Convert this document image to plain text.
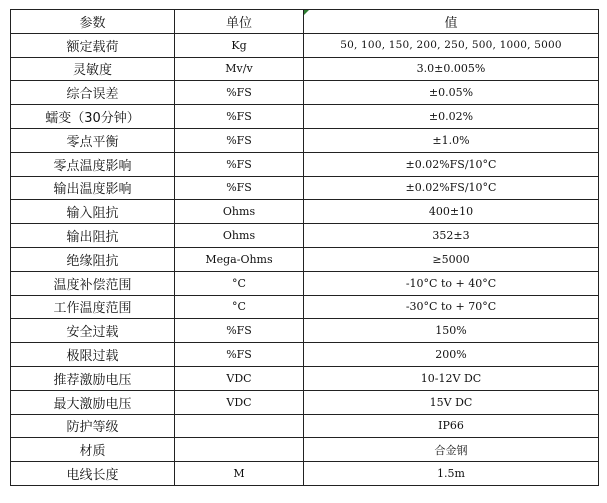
参数	单位	值
额定载荷	Kg	50, 100, 150, 200, 250, 500, 1000, 5000
灵敏度	Mv/v	3.0±0.005%
综合误差	%FS	±0.05%
蠕变（30分钟）	%FS	±0.02%
零点平衡	%FS	±1.0%
零点温度影响	%FS	±0.02%FS/10°C
输出温度影响	%FS	±0.02%FS/10°C
输入阻抗	Ohms	400±10
输出阻抗	Ohms	352±3
绝缘阻抗	Mega-Ohms	≥5000
温度补偿范围	°C	-10°C to + 40°C
工作温度范围	°C	-30°C to + 70°C
安全过载	%FS	150%
极限过载	%FS	200%
推荐激励电压	VDC	10-12V DC
最大激励电压	VDC	15V DC
防护等级		IP66
材质		合金钢
电线长度	M	1.5m
